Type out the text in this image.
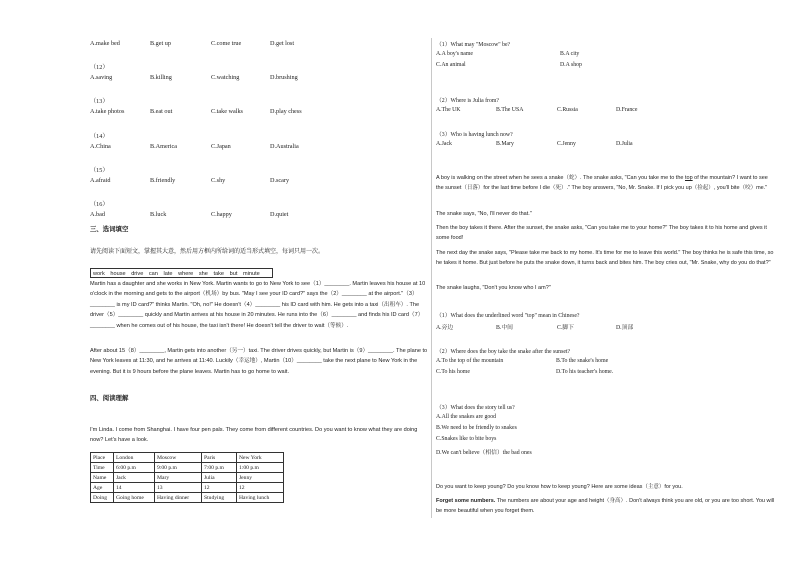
A.make bed	B.get up	C.come true	D.get lost
（12）
A.saving	B.killing	C.watching	D.brushing
（13）
A.take photos	B.eat out	C.take walks	D.play chess
（14）
A.China	B.America	C.Japan	D.Australia
（15）
A.afraid	B.friendly	C.shy	D.scary
（16）
A.bad	B.luck	C.happy	D.quiet
三、选词填空
请先阅读下面短文，掌握其大意，然后用方框内所给词的适当形式填空，每词只用一次。
work house drive can late where she take but minute
Martin has a daughter and she works in New York. Martin wants to go to New York to see（1）________. Martin leaves his house at 10 o'clock in the morning and gets to the airport（机场）by bus. "May I see your ID card?" says the（2）________ at the airport."（3）________ is my ID card?" thinks Martin. "Oh, no!" He doesn't（4）________ his ID card with him. He gets into a taxi（出租车）. The driver（5）________ quickly and Martin arrives at his house in 20 minutes. He runs into the（6）________ and finds his ID card（7）________ when he comes out of his house, the taxi isn't there! He doesn't tell the driver to wait（等候）.
After about 15（8）________, Martin gets into another（另一）taxi. The driver drives quickly, but Martin is（9）________. The plane to New York leaves at 11:30, and he arrives at 11:40. Luckily（幸运地）, Martin（10）________ take the next plane to New York in the evening. But it is 9 hours before the plane leaves. Martin has to go home to wait.
四、阅读理解
I'm Linda. I come from Shanghai. I have four pen pals. They come from different countries. Do you want to know what they are doing now? Let's have a look.
Place	London	Moscow	Paris	New York
Time	6:00 p.m	9:00 p.m	7:00 p.m	1:00 p.m
Name	Jack	Mary	Julia	Jenny
Age	14	13	12	12
Doing	Going home	Having dinner	Studying	Having lunch
（1）What may "Moscow" be?
A.A boy's name	B.A city
C.An animal	D.A shop
（2）Where is Julia from?
A.The UK	B.The USA	C.Russia	D.France
（3）Who is having lunch now?
A.Jack	B.Mary	C.Jenny	D.Julia
A boy is walking on the street when he sees a snake（蛇）. The snake asks, "Can you take me to the top of the mountain? I want to see the sunset（日落）for the last time before I die（死）." The boy answers, "No, Mr. Snake. If I pick you up（捡起）, you'll bite（咬）me."
The snake says, "No, I'll never do that."
Then the boy takes it there. After the sunset, the snake asks, "Can you take me to your home?" The boy takes it to his home and gives it some food!
The next day the snake says, "Please take me back to my home. It's time for me to leave this world." The boy thinks he is safe this time, so he takes it home. But just before he puts the snake down, it turns back and bites him. The boy cries out, "Mr. Snake, why do you do that?"
The snake laughs, "Don't you know who I am?"
（1）What does the underlined word "top" mean in Chinese?
A.旁边	B.中间	C.脚下	D.顶部
（2）Where does the boy take the snake after the sunset?
A.To the top of the mountain	B.To the snake's home
C.To his home	D.To his teacher's home.
（3）What does the story tell us?
A.All the snakes are good
B.We need to be friendly to snakes
C.Snakes like to bite boys
D.We can't believe（相信）the bad ones
Do you want to keep young? Do you know how to keep young? Here are some ideas（主意）for you.
Forget some numbers. The numbers are about your age and height（身高）. Don't always think you are old, or you are too short. You will be more beautiful when you forget them.
